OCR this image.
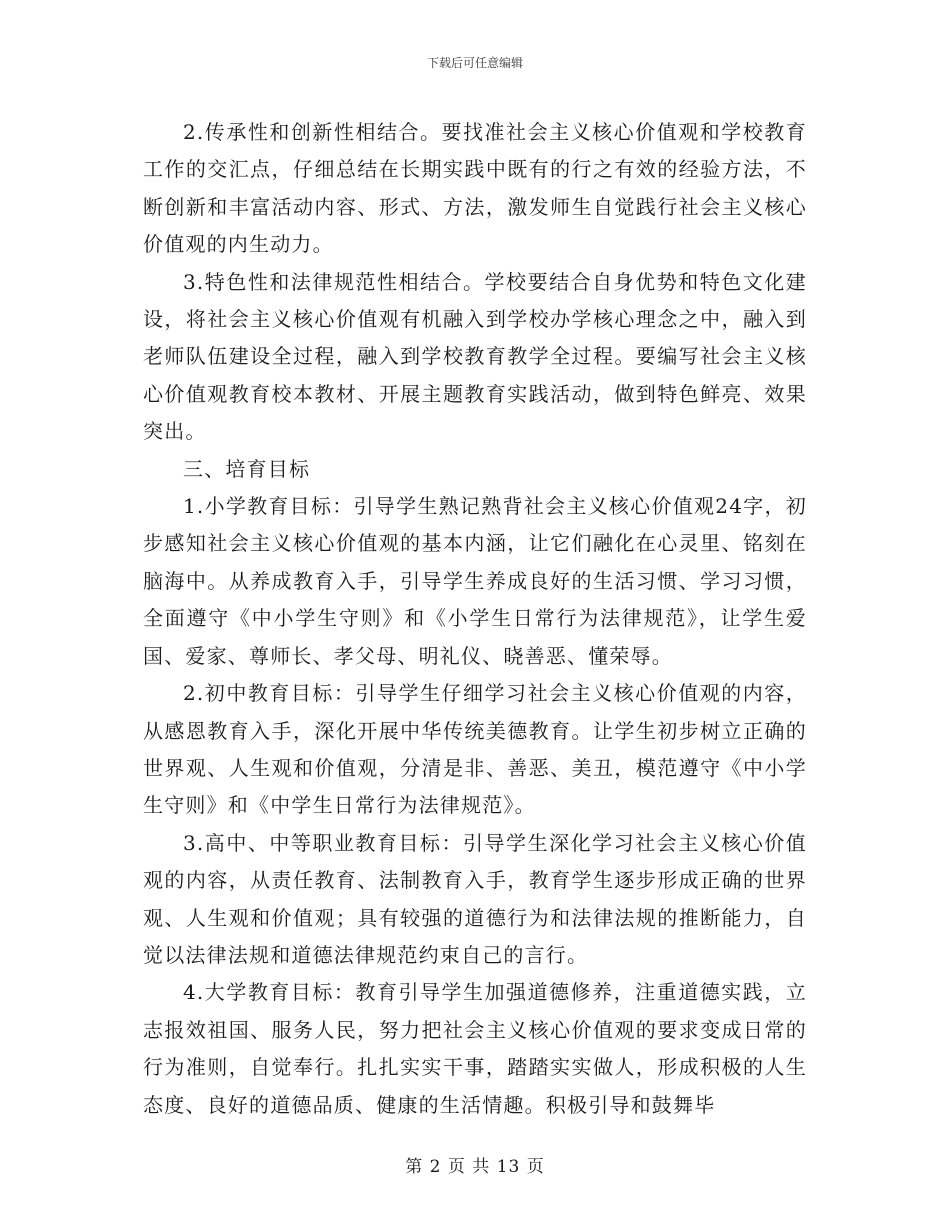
下载后可任意编辑

2.传承性和创新性相结合。要找准社会主义核心价值观和学校教育工作的交汇点，仔细总结在长期实践中既有的行之有效的经验方法，不断创新和丰富活动内容、形式、方法，激发师生自觉践行社会主义核心价值观的内生动力。

3.特色性和法律规范性相结合。学校要结合自身优势和特色文化建设，将社会主义核心价值观有机融入到学校办学核心理念之中，融入到老师队伍建设全过程，融入到学校教育教学全过程。要编写社会主义核心价值观教育校本教材、开展主题教育实践活动，做到特色鲜亮、效果突出。

三、培育目标

1.小学教育目标：引导学生熟记熟背社会主义核心价值观24字，初步感知社会主义核心价值观的基本内涵，让它们融化在心灵里、铭刻在脑海中。从养成教育入手，引导学生养成良好的生活习惯、学习习惯，全面遵守《中小学生守则》和《小学生日常行为法律规范》，让学生爱国、爱家、尊师长、孝父母、明礼仪、晓善恶、懂荣辱。

2.初中教育目标：引导学生仔细学习社会主义核心价值观的内容，从感恩教育入手，深化开展中华传统美德教育。让学生初步树立正确的世界观、人生观和价值观，分清是非、善恶、美丑，模范遵守《中小学生守则》和《中学生日常行为法律规范》。

3.高中、中等职业教育目标：引导学生深化学习社会主义核心价值观的内容，从责任教育、法制教育入手，教育学生逐步形成正确的世界观、人生观和价值观；具有较强的道德行为和法律法规的推断能力，自觉以法律法规和道德法律规范约束自己的言行。

4.大学教育目标：教育引导学生加强道德修养，注重道德实践，立志报效祖国、服务人民，努力把社会主义核心价值观的要求变成日常的行为准则，自觉奉行。扎扎实实干事，踏踏实实做人，形成积极的人生态度、良好的道德品质、健康的生活情趣。积极引导和鼓舞毕

第 2 页 共 13 页
